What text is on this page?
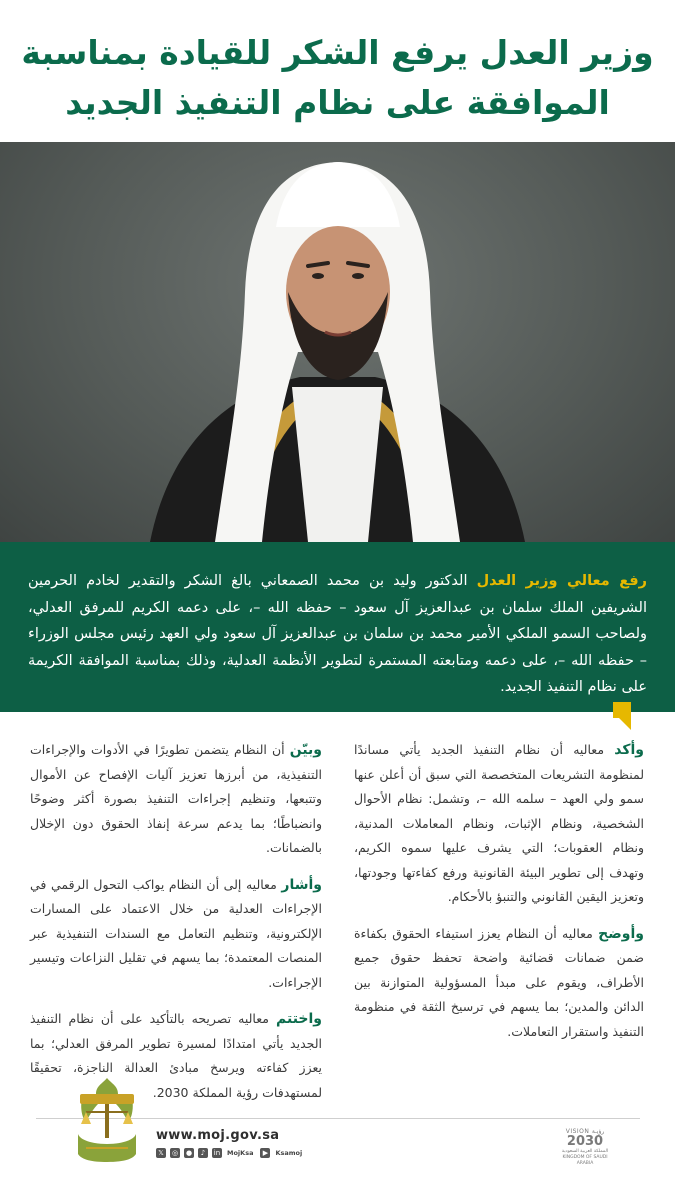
وزير العدل يرفع الشكر للقيادة بمناسبة
الموافقة على نظام التنفيذ الجديد
رفع معالي وزير العدل الدكتور وليد بن محمد الصمعاني بالغ الشكر والتقدير لخادم الحرمين الشريفين الملك سلمان بن عبدالعزيز آل سعود – حفظه الله –، على دعمه الكريم للمرفق العدلي، ولصاحب السمو الملكي الأمير محمد بن سلمان بن عبدالعزيز آل سعود ولي العهد رئيس مجلس الوزراء – حفظه الله –، على دعمه ومتابعته المستمرة لتطوير الأنظمة العدلية، وذلك بمناسبة الموافقة الكريمة على نظام التنفيذ الجديد.

وأكد معاليه أن نظام التنفيذ الجديد يأتي مساندًا لمنظومة التشريعات المتخصصة التي سبق أن أعلن عنها سمو ولي العهد – سلمه الله –، وتشمل: نظام الأحوال الشخصية، ونظام الإثبات، ونظام المعاملات المدنية، ونظام العقوبات؛ التي يشرف عليها سموه الكريم، وتهدف إلى تطوير البيئة القانونية ورفع كفاءتها وجودتها، وتعزيز اليقين القانوني والتنبؤ بالأحكام.

وأوضح معاليه أن النظام يعزز استيفاء الحقوق بكفاءة ضمن ضمانات قضائية واضحة تحفظ حقوق جميع الأطراف، ويقوم على مبدأ المسؤولية المتوازنة بين الدائن والمدين؛ بما يسهم في ترسيخ الثقة في منظومة التنفيذ واستقرار التعاملات.

وبيّن أن النظام يتضمن تطويرًا في الأدوات والإجراءات التنفيذية، من أبرزها تعزيز آليات الإفصاح عن الأموال وتتبعها، وتنظيم إجراءات التنفيذ بصورة أكثر وضوحًا وانضباطًا؛ بما يدعم سرعة إنفاذ الحقوق دون الإخلال بالضمانات.

وأشار معاليه إلى أن النظام يواكب التحول الرقمي في الإجراءات العدلية من خلال الاعتماد على المسارات الإلكترونية، وتنظيم التعامل مع السندات التنفيذية عبر المنصات المعتمدة؛ بما يسهم في تقليل النزاعات وتيسير الإجراءات.

واختتم معاليه تصريحه بالتأكيد على أن نظام التنفيذ الجديد يأتي امتدادًا لمسيرة تطوير المرفق العدلي؛ بما يعزز كفاءته ويرسخ مبادئ العدالة الناجزة، تحقيقًا لمستهدفات رؤية المملكة 2030.

www.moj.gov.sa
𝕏	◎ ●	♪	in MojKsa	▶	Ksamoj
VISION رؤيـة
2030
المملكة العربية السعودية KINGDOM OF SAUDI ARABIA
